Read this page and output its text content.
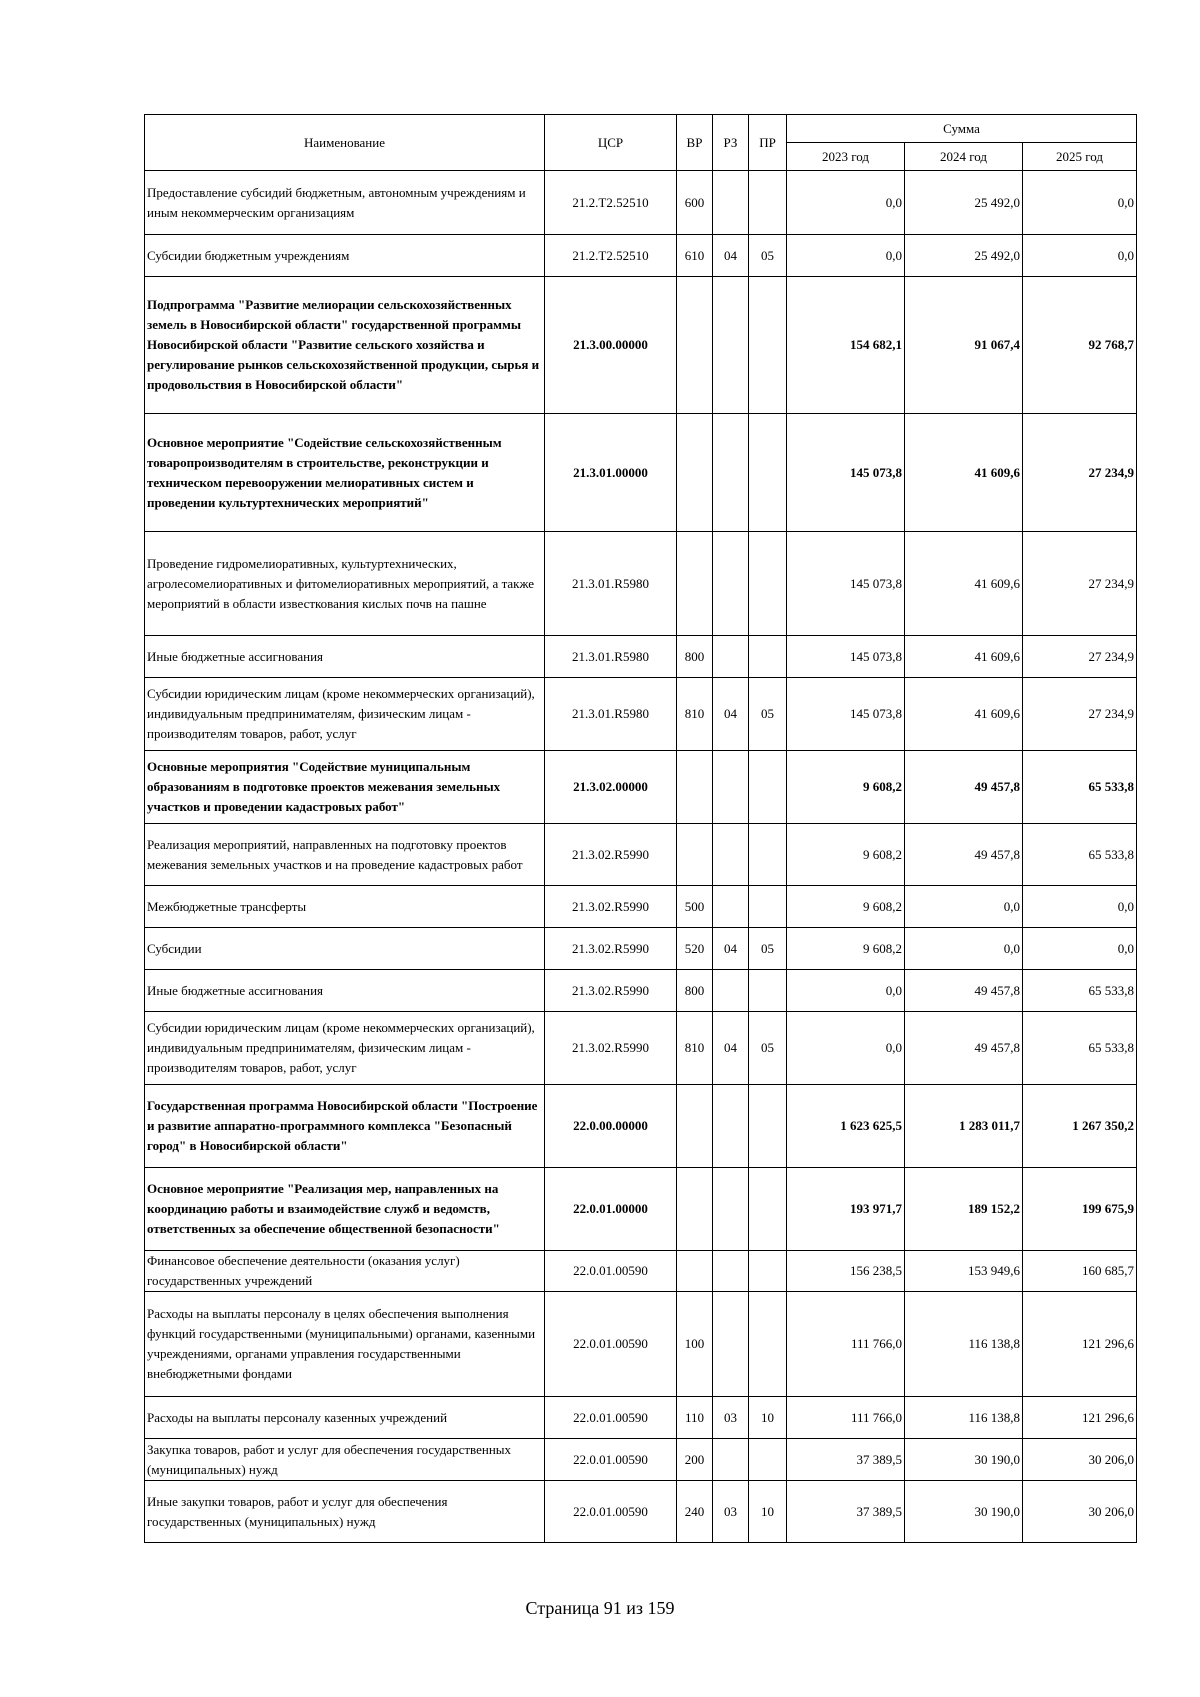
Наименование	ЦСР	ВР	РЗ	ПР	Сумма		
					2023 год	2024 год	2025 год
Предоставление субсидий бюджетным, автономным учреждениям и иным некоммерческим организациям	21.2.Т2.52510	600			0,0	25 492,0	0,0
Субсидии бюджетным учреждениям	21.2.Т2.52510	610	04	05	0,0	25 492,0	0,0
Подпрограмма "Развитие мелиорации сельскохозяйственных земель в Новосибирской области" государственной программы Новосибирской области "Развитие сельского хозяйства и регулирование рынков сельскохозяйственной продукции, сырья и продовольствия в Новосибирской области"	21.3.00.00000				154 682,1	91 067,4	92 768,7
Основное мероприятие "Содействие сельскохозяйственным товаропроизводителям в строительстве, реконструкции и техническом перевооружении мелиоративных систем и проведении культуртехнических мероприятий"	21.3.01.00000				145 073,8	41 609,6	27 234,9
Проведение гидромелиоративных, культуртехнических, агролесомелиоративных и фитомелиоративных мероприятий, а также мероприятий в области известкования кислых почв на пашне	21.3.01.R5980				145 073,8	41 609,6	27 234,9
Иные бюджетные ассигнования	21.3.01.R5980	800			145 073,8	41 609,6	27 234,9
Субсидии юридическим лицам (кроме некоммерческих организаций), индивидуальным предпринимателям, физическим лицам - производителям товаров, работ, услуг	21.3.01.R5980	810	04	05	145 073,8	41 609,6	27 234,9
Основные мероприятия "Содействие муниципальным образованиям в подготовке проектов межевания земельных участков и проведении кадастровых работ"	21.3.02.00000				9 608,2	49 457,8	65 533,8
Реализация мероприятий, направленных на подготовку проектов межевания земельных участков и на проведение кадастровых работ	21.3.02.R5990				9 608,2	49 457,8	65 533,8
Межбюджетные трансферты	21.3.02.R5990	500			9 608,2	0,0	0,0
Субсидии	21.3.02.R5990	520	04	05	9 608,2	0,0	0,0
Иные бюджетные ассигнования	21.3.02.R5990	800			0,0	49 457,8	65 533,8
Субсидии юридическим лицам (кроме некоммерческих организаций), индивидуальным предпринимателям, физическим лицам - производителям товаров, работ, услуг	21.3.02.R5990	810	04	05	0,0	49 457,8	65 533,8
Государственная программа Новосибирской области "Построение и развитие аппаратно-программного комплекса "Безопасный город" в Новосибирской области"	22.0.00.00000				1 623 625,5	1 283 011,7	1 267 350,2
Основное мероприятие "Реализация мер, направленных на координацию работы и взаимодействие служб и ведомств, ответственных за обеспечение общественной безопасности"	22.0.01.00000				193 971,7	189 152,2	199 675,9
Финансовое обеспечение деятельности (оказания услуг) государственных учреждений	22.0.01.00590				156 238,5	153 949,6	160 685,7
Расходы на выплаты персоналу в целях обеспечения выполнения функций государственными (муниципальными) органами, казенными учреждениями, органами управления государственными внебюджетными фондами	22.0.01.00590	100			111 766,0	116 138,8	121 296,6
Расходы на выплаты персоналу казенных учреждений	22.0.01.00590	110	03	10	111 766,0	116 138,8	121 296,6
Закупка товаров, работ и услуг для обеспечения государственных (муниципальных) нужд	22.0.01.00590	200			37 389,5	30 190,0	30 206,0
Иные закупки товаров, работ и услуг для обеспечения государственных (муниципальных) нужд	22.0.01.00590	240	03	10	37 389,5	30 190,0	30 206,0
Страница 91 из 159
